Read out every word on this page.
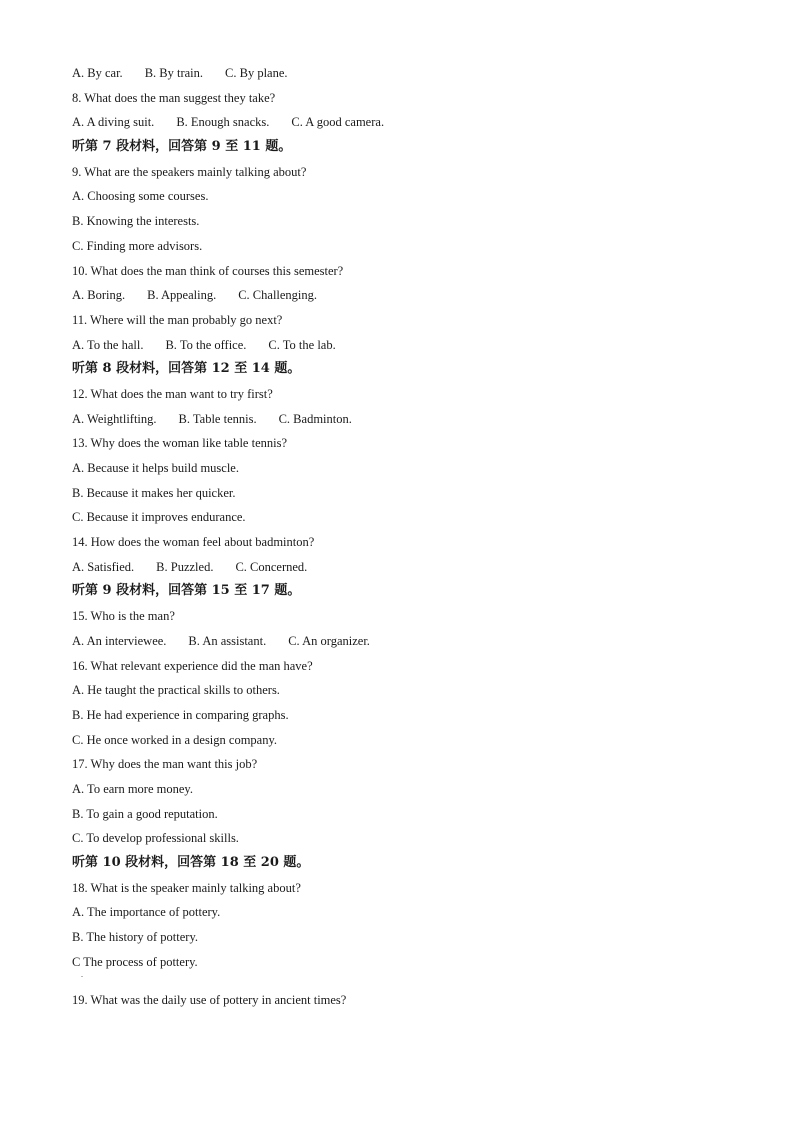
A. By car. B. By train. C. By plane.
8. What does the man suggest they take?
A. A diving suit. B. Enough snacks. C. A good camera.
听第 7 段材料，回答第 9 至 11 题。
9. What are the speakers mainly talking about?
A. Choosing some courses.
B. Knowing the interests.
C. Finding more advisors.
10. What does the man think of courses this semester?
A. Boring. B. Appealing. C. Challenging.
11. Where will the man probably go next?
A. To the hall. B. To the office. C. To the lab.
听第 8 段材料，回答第 12 至 14 题。
12. What does the man want to try first?
A. Weightlifting. B. Table tennis. C. Badminton.
13. Why does the woman like table tennis?
A. Because it helps build muscle.
B. Because it makes her quicker.
C. Because it improves endurance.
14. How does the woman feel about badminton?
A. Satisfied. B. Puzzled. C. Concerned.
听第 9 段材料，回答第 15 至 17 题。
15. Who is the man?
A. An interviewee. B. An assistant. C. An organizer.
16. What relevant experience did the man have?
A. He taught the practical skills to others.
B. He had experience in comparing graphs.
C. He once worked in a design company.
17. Why does the man want this job?
A. To earn more money.
B. To gain a good reputation.
C. To develop professional skills.
听第 10 段材料，回答第 18 至 20 题。
18. What is the speaker mainly talking about?
A. The importance of pottery.
B. The history of pottery.
C The process of pottery.
.
19. What was the daily use of pottery in ancient times?
